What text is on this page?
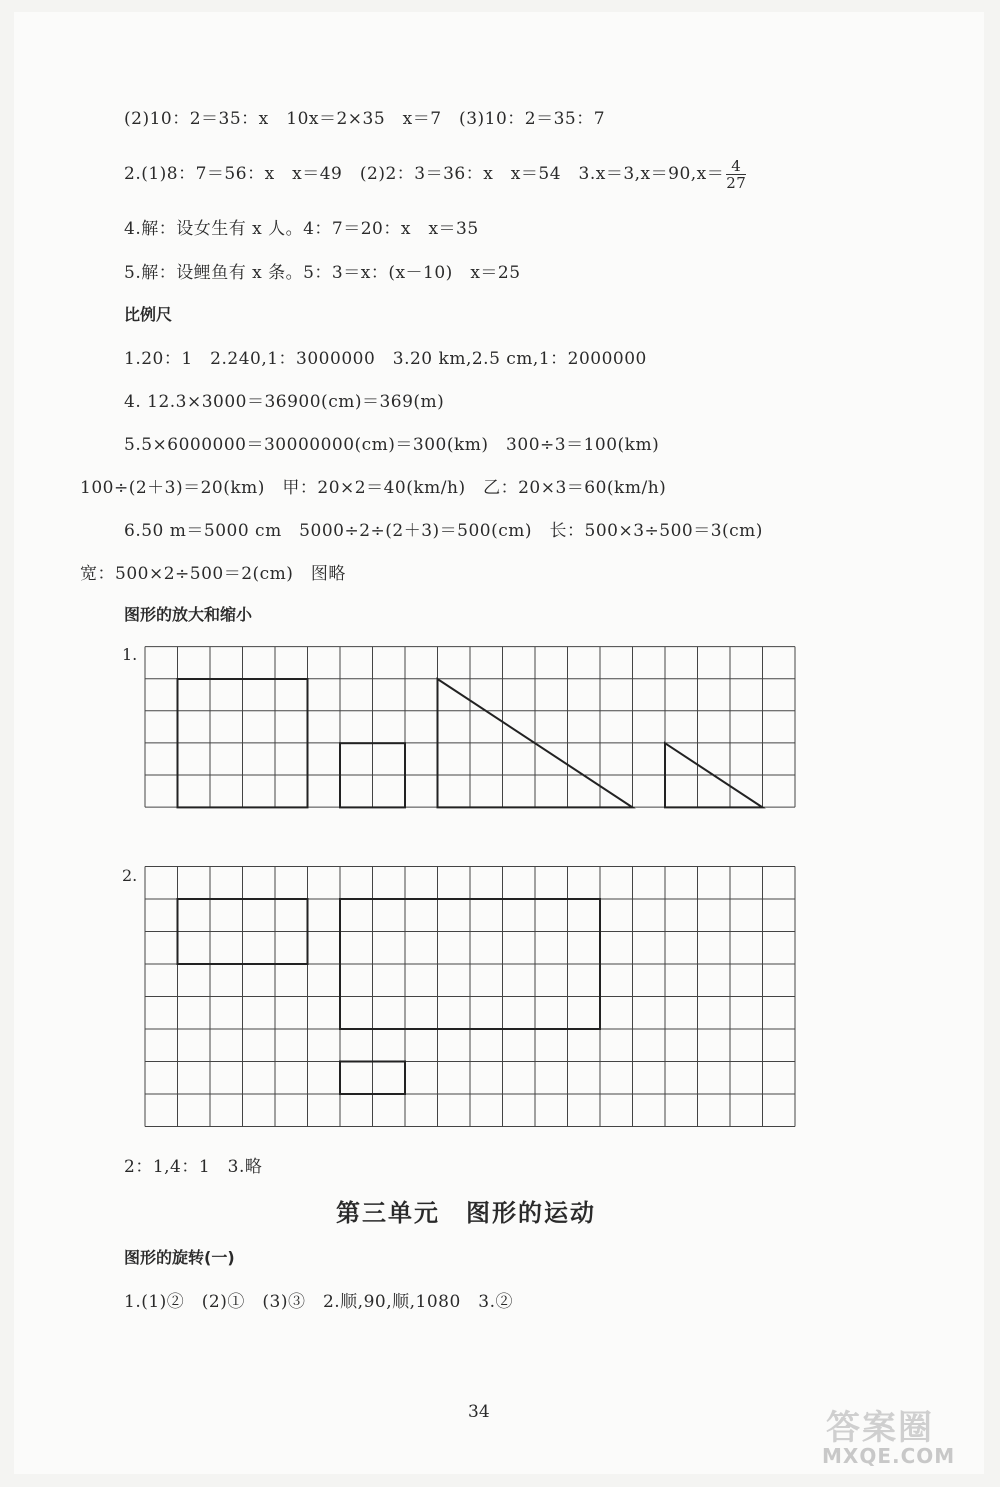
(2)10：2＝35：x　10x＝2×35　x＝7　(3)10：2＝35：7
2.(1)8：7＝56：x　x＝49　(2)2：3＝36：x　x＝54　$3.x=3,x=90,x= \frac{4}{27}$
4.解：设女生有 x 人。4：7＝20：x　x＝35
5.解：设鲤鱼有 x 条。5：3＝x：(x－10)　x＝25
比例尺
1.20：1　2.240,1：3000000　3.20 km,2.5 cm,1：2000000
4. 12.3×3000＝36900(cm)＝369(m)
5.5×6000000＝30000000(cm)＝300(km)　300÷3＝100(km)
100÷(2＋3)＝20(km)　甲：20×2＝40(km/h)　乙：20×3＝60(km/h)
6.50 m＝5000 cm　5000÷2÷(2＋3)＝500(cm)　长：500×3÷500＝3(cm)
宽：500×2÷500＝2(cm)　图略
图形的放大和缩小
1.
2.
2：1,4：1　3.略
第三单元　图形的运动
图形的旋转(一)
1.(1)②　(2)①　(3)③　2.顺,90,顺,1080　3.②
34	答案圈
MXQE.COM
